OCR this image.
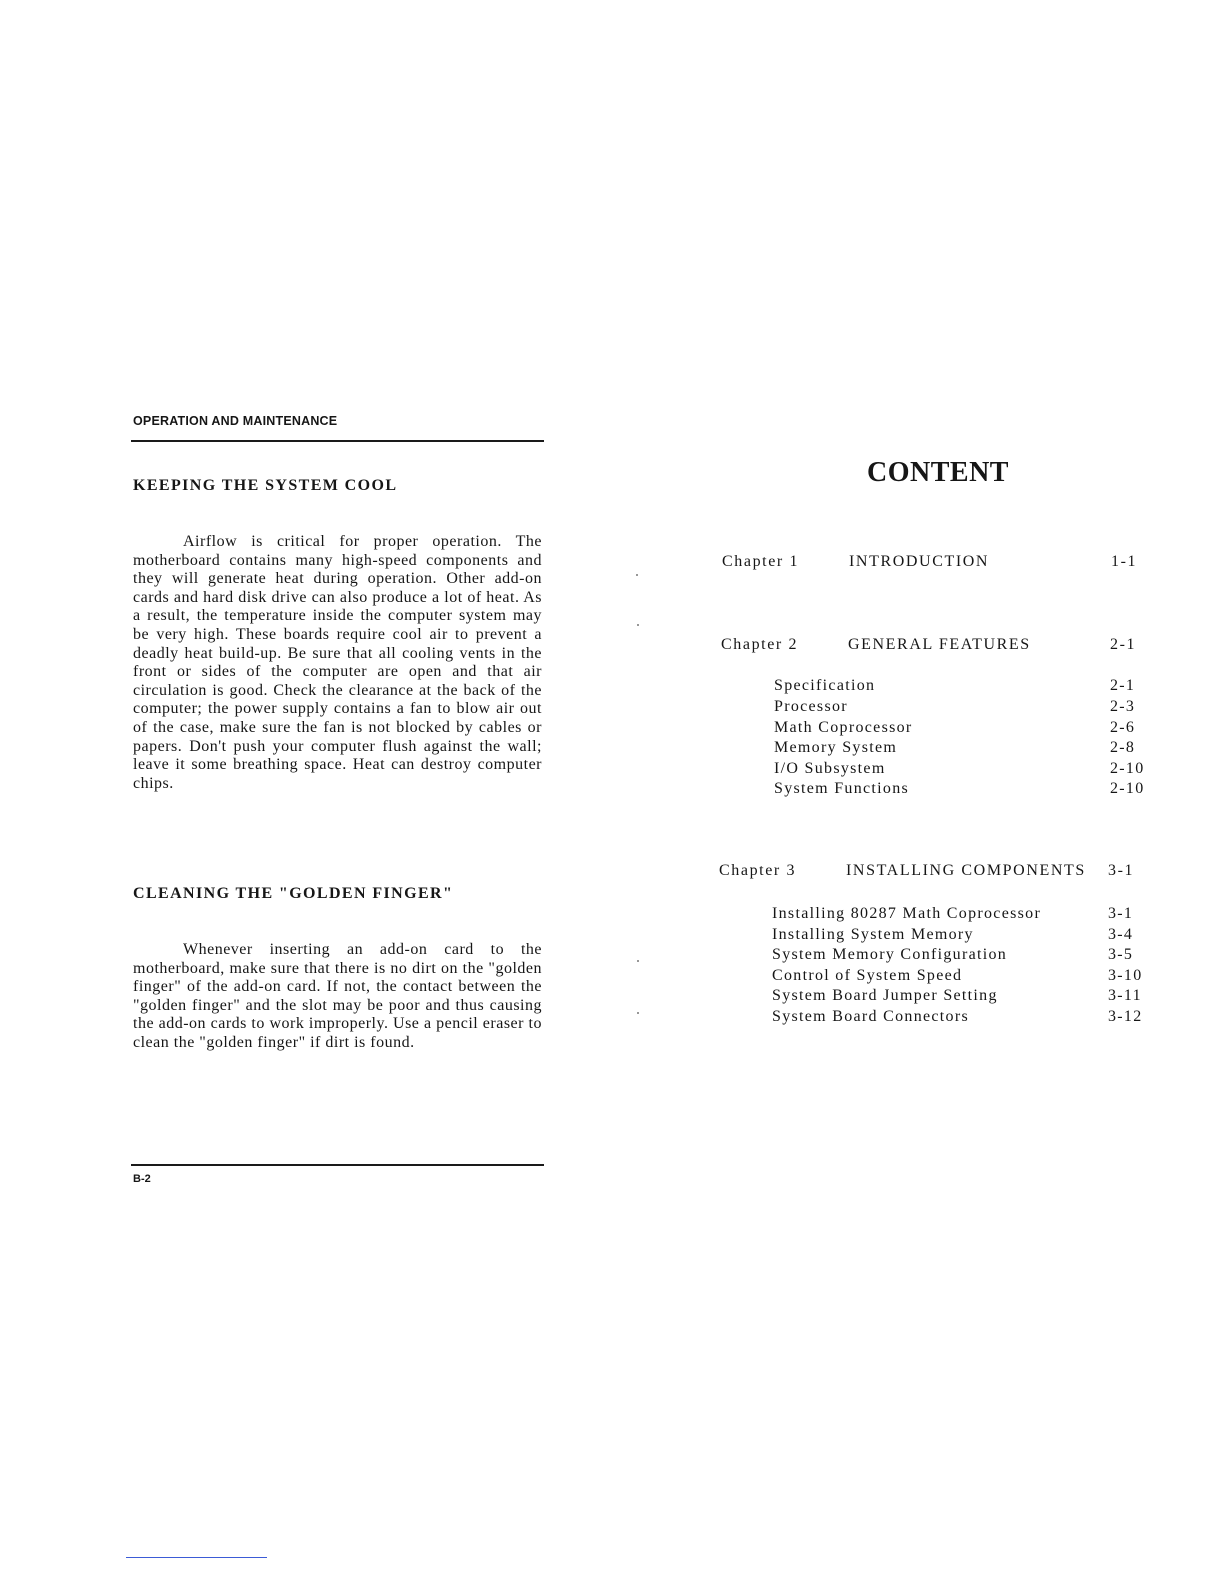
OPERATION AND MAINTENANCE
KEEPING THE SYSTEM COOL

Airflow is critical for proper operation. The motherboard contains many high-speed components and they will generate heat during operation. Other add-on cards and hard disk drive can also produce a lot of heat. As a result, the temperature inside the computer system may be very high. These boards require cool air to prevent a deadly heat build-up. Be sure that all cooling vents in the front or sides of the computer are open and that air circulation is good. Check the clearance at the back of the computer; the power supply contains a fan to blow air out of the case, make sure the fan is not blocked by cables or papers. Don't push your computer flush against the wall; leave it some breathing space. Heat can destroy computer chips.

CLEANING THE "GOLDEN FINGER"

Whenever inserting an add-on card to the motherboard, make sure that there is no dirt on the "golden finger" of the add-on card. If not, the contact between the "golden finger" and the slot may be poor and thus causing the add-on cards to work improperly. Use a pencil eraser to clean the "golden finger" if dirt is found.

B-2
CONTENT
Chapter 1	INTRODUCTION	1-1
Chapter 2	GENERAL FEATURES	2-1
Specification	2-1
Processor	2-3
Math Coprocessor	2-6
Memory System	2-8
I/O Subsystem	2-10
System Functions	2-10
Chapter 3	INSTALLING COMPONENTS 3-1
Installing 80287 Math Coprocessor	3-1
Installing System Memory	3-4
System Memory Configuration	3-5
Control of System Speed	3-10
System Board Jumper Setting	3-11
System Board Connectors	3-12
